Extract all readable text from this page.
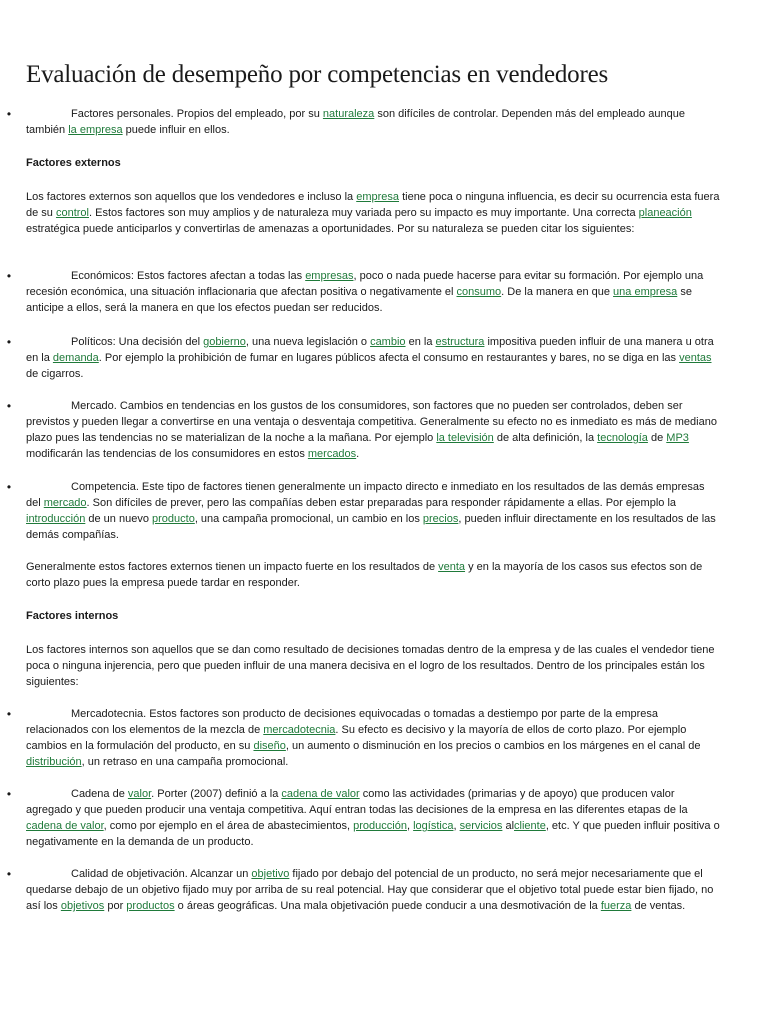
Evaluación de desempeño por competencias en vendedores
•	Factores personales. Propios del empleado, por su naturaleza son difíciles de controlar. Dependen más del empleado aunque también la empresa puede influir en ellos.

Factores externos

Los factores externos son aquellos que los vendedores e incluso la empresa tiene poca o ninguna influencia, es decir su ocurrencia esta fuera de su control. Estos factores son muy amplios y de naturaleza muy variada pero su impacto es muy importante. Una correcta planeación estratégica puede anticiparlos y convertirlas de amenazas a oportunidades. Por su naturaleza se pueden citar los siguientes:

•	Económicos: Estos factores afectan a todas las empresas, poco o nada puede hacerse para evitar su formación. Por ejemplo una recesión económica, una situación inflacionaria que afectan positiva o negativamente el consumo. De la manera en que una empresa se anticipe a ellos, será la manera en que los efectos puedan ser reducidos.

•	Políticos: Una decisión del gobierno, una nueva legislación o cambio en la estructura impositiva pueden influir de una manera u otra en la demanda. Por ejemplo la prohibición de fumar en lugares públicos afecta el consumo en restaurantes y bares, no se diga en las ventas de cigarros.

•	Mercado. Cambios en tendencias en los gustos de los consumidores, son factores que no pueden ser controlados, deben ser previstos y pueden llegar a convertirse en una ventaja o desventaja competitiva. Generalmente su efecto no es inmediato es más de mediano plazo pues las tendencias no se materializan de la noche a la mañana. Por ejemplo la televisión de alta definición, la tecnología de MP3 modificarán las tendencias de los consumidores en estos mercados.

•	Competencia. Este tipo de factores tienen generalmente un impacto directo e inmediato en los resultados de las demás empresas del mercado. Son difíciles de prever, pero las compañías deben estar preparadas para responder rápidamente a ellas. Por ejemplo la introducción de un nuevo producto, una campaña promocional, un cambio en los precios, pueden influir directamente en los resultados de las demás compañías.

Generalmente estos factores externos tienen un impacto fuerte en los resultados de venta y en la mayoría de los casos sus efectos son de corto plazo pues la empresa puede tardar en responder.

Factores internos
Los factores internos son aquellos que se dan como resultado de decisiones tomadas dentro de la empresa y de las cuales el vendedor tiene poca o ninguna injerencia, pero que pueden influir de una manera decisiva en el logro de los resultados. Dentro de los principales están los siguientes:
•	Mercadotecnia. Estos factores son producto de decisiones equivocadas o tomadas a destiempo por parte de la empresa relacionados con los elementos de la mezcla de mercadotecnia. Su efecto es decisivo y la mayoría de ellos de corto plazo. Por ejemplo cambios en la formulación del producto, en su diseño, un aumento o disminución en los precios o cambios en los márgenes en el canal de distribución, un retraso en una campaña promocional.

•	Cadena de valor. Porter (2007) definió a la cadena de valor como las actividades (primarias y de apoyo) que producen valor agregado y que pueden producir una ventaja competitiva. Aquí entran todas las decisiones de la empresa en las diferentes etapas de la cadena de valor, como por ejemplo en el área de abastecimientos, producción, logística, servicios alcliente, etc. Y que pueden influir positiva o negativamente en la demanda de un producto.

•	Calidad de objetivación. Alcanzar un objetivo fijado por debajo del potencial de un producto, no será mejor necesariamente que el quedarse debajo de un objetivo fijado muy por arriba de su real potencial. Hay que considerar que el objetivo total puede estar bien fijado, no así los objetivos por productos o áreas geográficas. Una mala objetivación puede conducir a una desmotivación de la fuerza de ventas.
